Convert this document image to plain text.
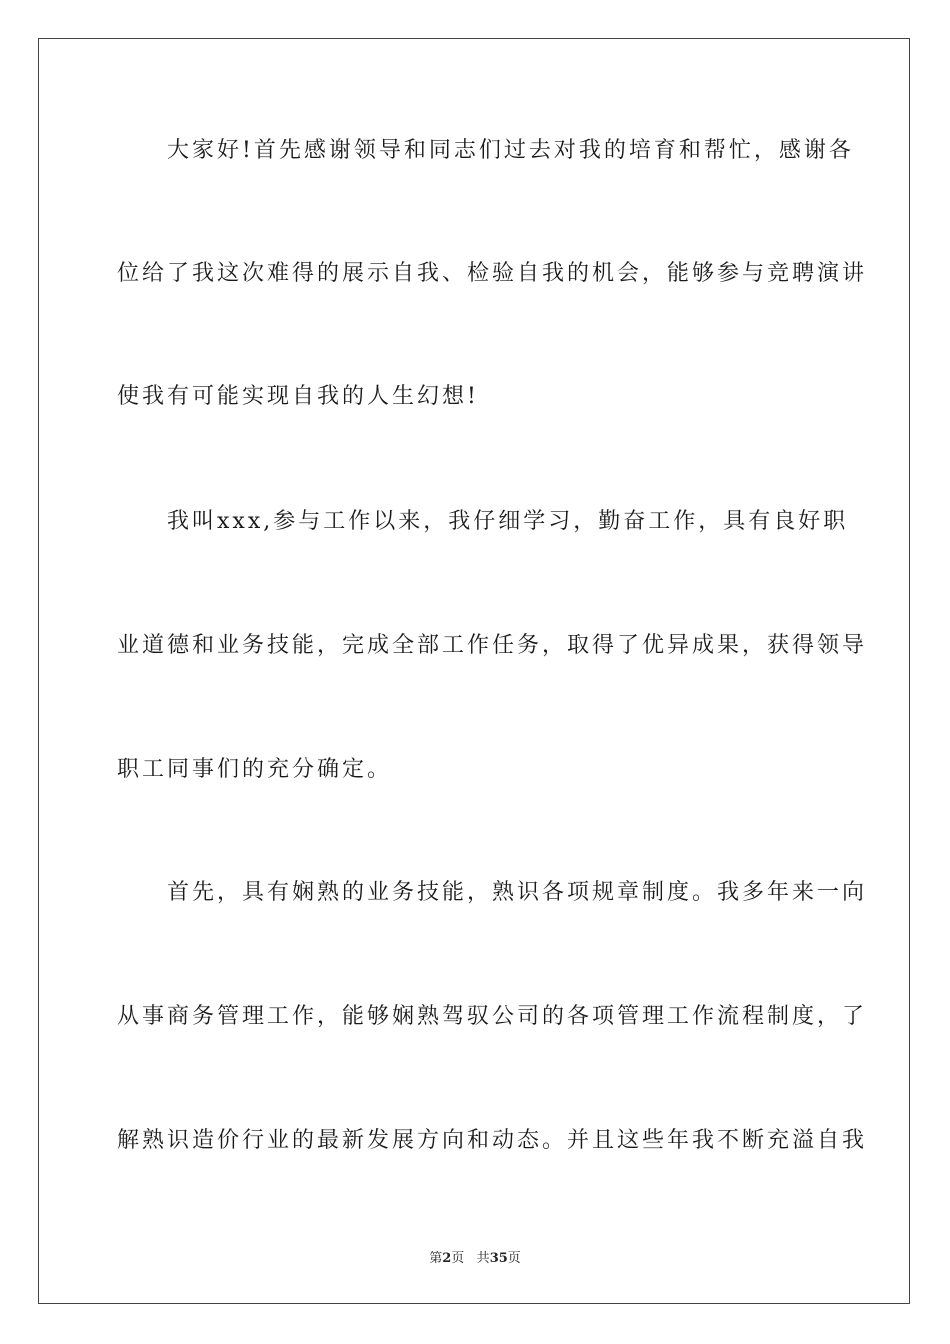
　　大家好!首先感谢领导和同志们过去对我的培育和帮忙，感谢各
位给了我这次难得的展示自我、检验自我的机会，能够参与竞聘演讲
使我有可能实现自我的人生幻想!
　　我叫xxx,参与工作以来，我仔细学习，勤奋工作，具有良好职
业道德和业务技能，完成全部工作任务，取得了优异成果，获得领导
职工同事们的充分确定。
　　首先，具有娴熟的业务技能，熟识各项规章制度。我多年来一向
从事商务管理工作，能够娴熟驾驭公司的各项管理工作流程制度，了
解熟识造价行业的最新发展方向和动态。并且这些年我不断充溢自我
第2页 共35页
